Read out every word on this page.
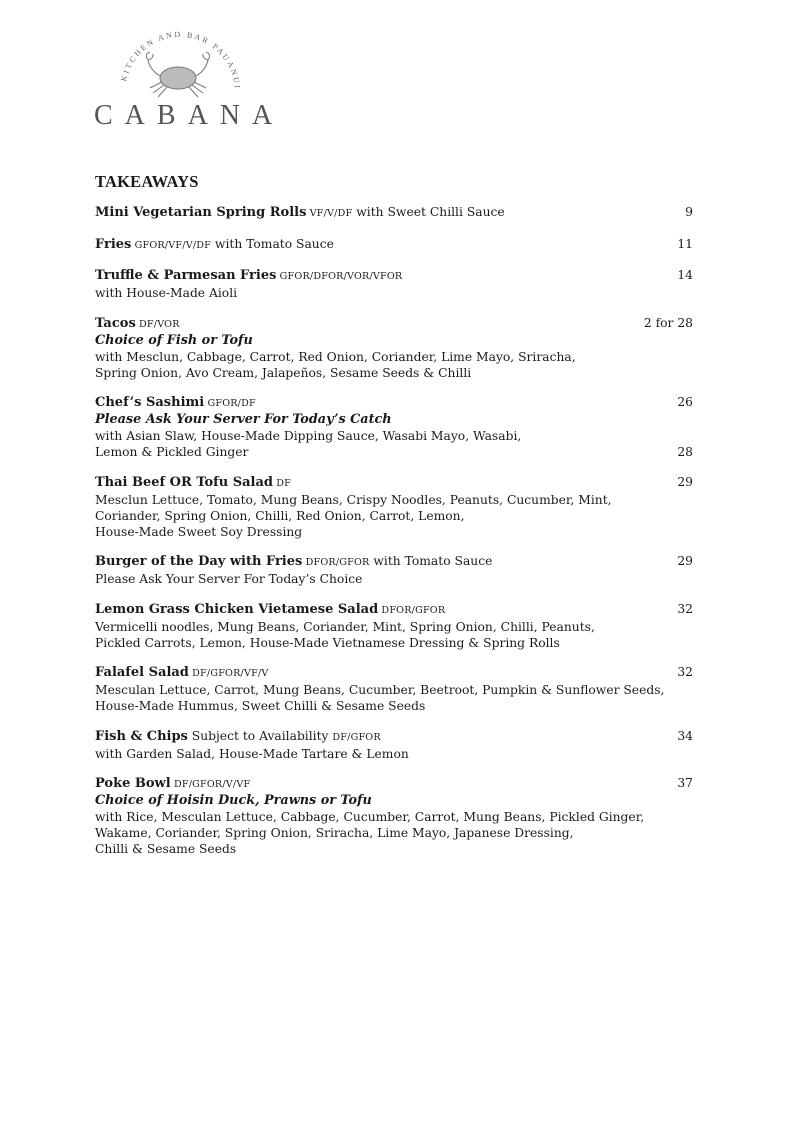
KITCHEN AND BAR PAUANUI
CABANA
TAKEAWAYS
Mini Vegetarian Spring Rolls VF/V/DF with Sweet Chilli Sauce	9
Fries GFOR/VF/V/DF with Tomato Sauce	11
Truffle & Parmesan Fries GFOR/DFOR/VOR/VFOR	14
with House-Made Aioli
Tacos DF/VOR	2 for 28
Choice of Fish or Tofu
with Mesclun, Cabbage, Carrot, Red Onion, Coriander, Lime Mayo, Sriracha,
Spring Onion, Avo Cream, Jalapeños, Sesame Seeds & Chilli
Chef’s Sashimi GFOR/DF	26
Please Ask Your Server For Today’s Catch
with Asian Slaw, House-Made Dipping Sauce, Wasabi Mayo, Wasabi,
Lemon & Pickled Ginger	28
Thai Beef OR Tofu Salad DF	29
Mesclun Lettuce, Tomato, Mung Beans, Crispy Noodles, Peanuts, Cucumber, Mint,
Coriander, Spring Onion, Chilli, Red Onion, Carrot, Lemon,
House-Made Sweet Soy Dressing
Burger of the Day with Fries DFOR/GFOR with Tomato Sauce	29
Please Ask Your Server For Today’s Choice
Lemon Grass Chicken Vietamese Salad DFOR/GFOR	32
Vermicelli noodles, Mung Beans, Coriander, Mint, Spring Onion, Chilli, Peanuts,
Pickled Carrots, Lemon, House-Made Vietnamese Dressing & Spring Rolls
Falafel Salad DF/GFOR/VF/V	32
Mesculan Lettuce, Carrot, Mung Beans, Cucumber, Beetroot, Pumpkin & Sunflower Seeds,
House-Made Hummus, Sweet Chilli & Sesame Seeds
Fish & Chips Subject to Availability DF/GFOR	34
with Garden Salad, House-Made Tartare & Lemon
Poke Bowl DF/GFOR/V/VF	37
Choice of Hoisin Duck, Prawns or Tofu
with Rice, Mesculan Lettuce, Cabbage, Cucumber, Carrot, Mung Beans, Pickled Ginger,
Wakame, Coriander, Spring Onion, Sriracha, Lime Mayo, Japanese Dressing,
Chilli & Sesame Seeds
